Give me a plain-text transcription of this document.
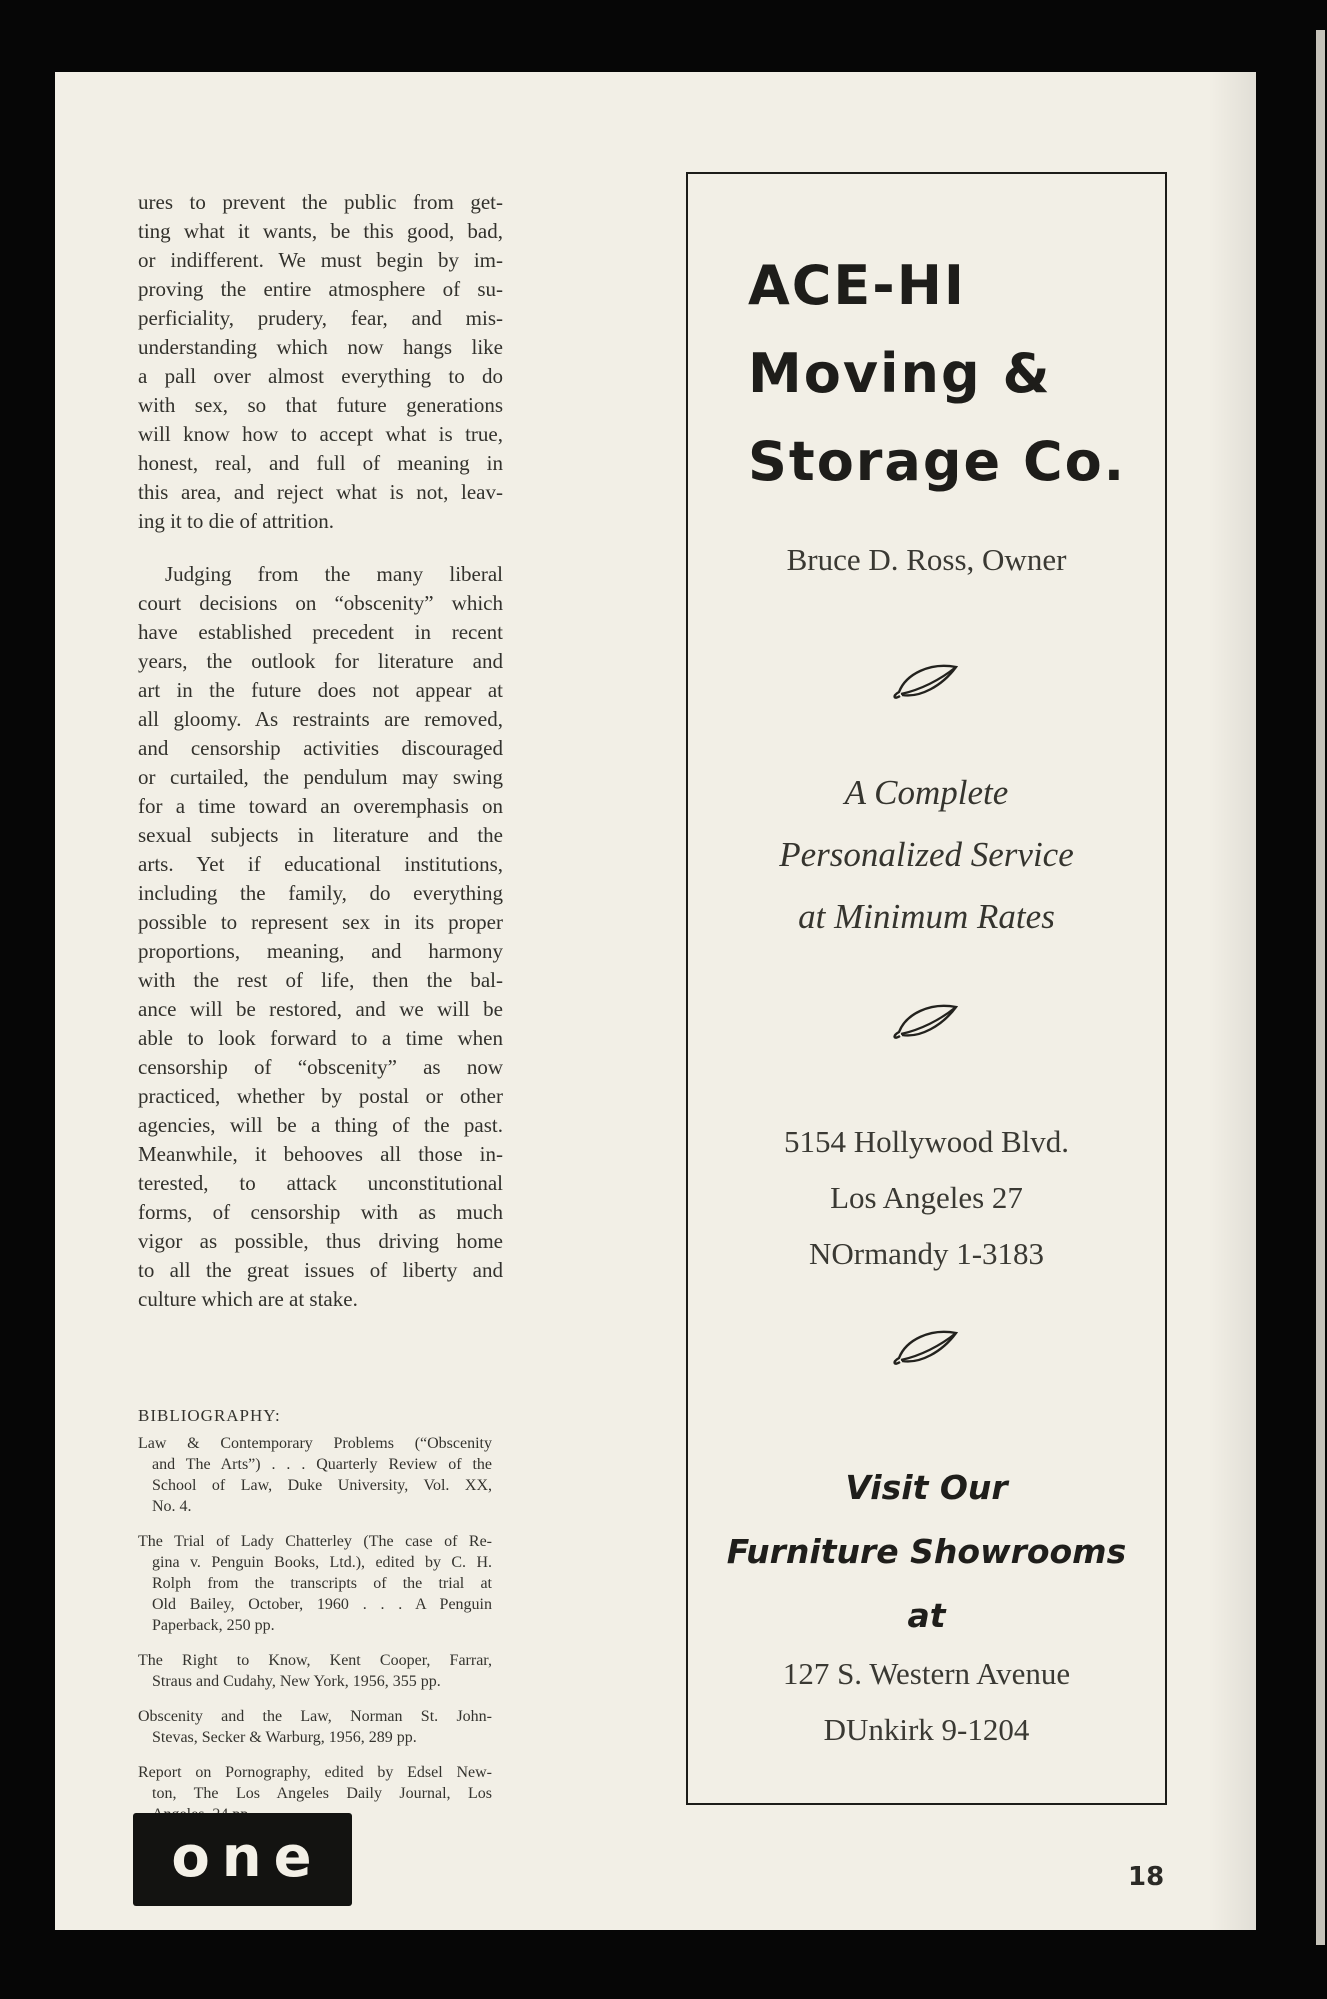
ures to prevent the public from get-
ting what it wants, be this good, bad,
or indifferent. We must begin by im-
proving the entire atmosphere of su-
perficiality, prudery, fear, and mis-
understanding which now hangs like
a pall over almost everything to do
with sex, so that future generations
will know how to accept what is true,
honest, real, and full of meaning in
this area, and reject what is not, leav-
ing it to die of attrition.
Judging from the many liberal
court decisions on “obscenity” which
have established precedent in recent
years, the outlook for literature and
art in the future does not appear at
all gloomy. As restraints are removed,
and censorship activities discouraged
or curtailed, the pendulum may swing
for a time toward an overemphasis on
sexual subjects in literature and the
arts. Yet if educational institutions,
including the family, do everything
possible to represent sex in its proper
proportions, meaning, and harmony
with the rest of life, then the bal-
ance will be restored, and we will be
able to look forward to a time when
censorship of “obscenity” as now
practiced, whether by postal or other
agencies, will be a thing of the past.
Meanwhile, it behooves all those in-
terested, to attack unconstitutional
forms, of censorship with as much
vigor as possible, thus driving home
to all the great issues of liberty and
culture which are at stake.
BIBLIOGRAPHY:
Law & Contemporary Problems (“Obscenity
and The Arts”) . . . Quarterly Review of the
School of Law, Duke University, Vol. XX,
No. 4.
The Trial of Lady Chatterley (The case of Re-
gina v. Penguin Books, Ltd.), edited by C. H.
Rolph from the transcripts of the trial at
Old Bailey, October, 1960 . . . A Penguin
Paperback, 250 pp.
The Right to Know, Kent Cooper, Farrar,
Straus and Cudahy, New York, 1956, 355 pp.
Obscenity and the Law, Norman St. John-
Stevas, Secker & Warburg, 1956, 289 pp.
Report on Pornography, edited by Edsel New-
ton, The Los Angeles Daily Journal, Los
ACE-HI
Moving &
Storage Co.
Bruce D. Ross, Owner
A Complete
Personalized Service
at Minimum Rates
5154 Hollywood Blvd.
Los Angeles 27
NOrmandy 1-3183
Visit Our
Furniture Showrooms
at
127 S. Western Avenue
DUnkirk 9-1204
one	18
